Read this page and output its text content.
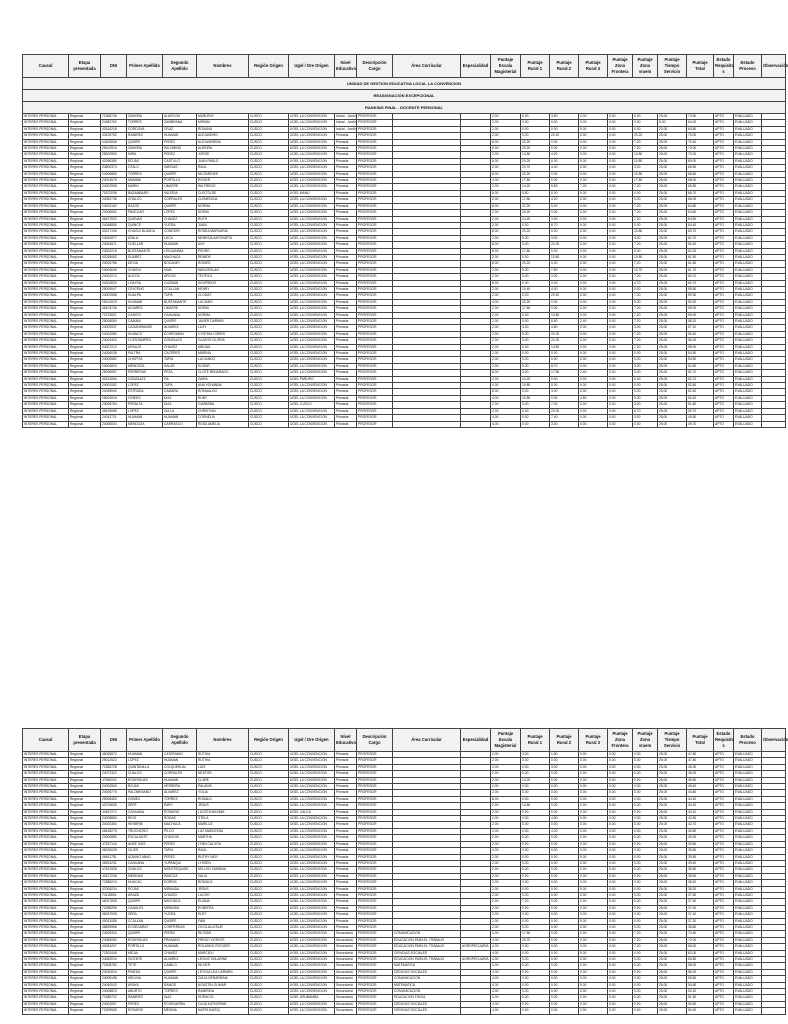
UNIDAD DE GESTION EDUCATIVA LOCAL LA CONVENCION																						
REASIGNACIÓN EXCEPCIONAL																						
RANKING FINAL - DOCENTE PERSONAL																						
Causal	Etapa presentada	DNI	Primer Apellido	Segundo Apellido	Nombres	Región Origen	Ugel / Dre Origen	Nivel Educativo	Descripción Cargo	Área Curricular	Especialidad	Puntaje Escala Magisterial	Puntaje Rural 1	Puntaje Rural 2	Puntaje Rural 3	Puntaje Zona Frontera	Puntaje Zona vraem	Puntaje Tiempo Servicio	Puntaje Total	Estado Requisito s	Estado Proceso	Observación
INTERES PERSONAL	Regional	72368746	ZAMORA	ALARCON	MARLENY	CUSCO	UGEL LA CONVENCION	Inicial - Jardín	PROFESOR			2.00	6.00	3.60	0.00	0.00	0.00	25.00	73.60	APTO	EVALUADO	
INTERES PERSONAL	Regional	24382762	TORRES	ZAMBRANA	MIRIAM	CUSCO	UGEL LA CONVENCION	Inicial - Jardín	PROFESOR			2.00	0.00	0.00	0.00	0.00	0.00	6.00	64.00	APTO	EVALUADO	
INTERES PERSONAL	Regional	42516218	CORDOVA	CRUZ	ROXANA	CUSCO	UGEL LA CONVENCION	Inicial - Jardín	PROFESOR			2.00	0.00	0.00	0.00	0.00	0.00	22.00	63.80	APTO	EVALUADO	
INTERES PERSONAL	Regional	43109752	RAMIREZ	HUAMAN	ALEJANDRO	CUSCO	UGEL LA CONVENCION	Primaria	PROFESOR			2.00	0.00	20.20	0.00	0.00	20.20	25.00	75.00	APTO	EVALUADO	
INTERES PERSONAL	Regional	44420846	QUISPE	PEREZ	ALEJANDRINA	CUSCO	UGEL LA CONVENCION	Primaria	PROFESOR			8.00	20.20	0.00	0.00	0.00	7.20	25.00	70.40	APTO	EVALUADO	
INTERES PERSONAL	Regional	25012916	ZAMORA	PALOMINO	AURORA	CUSCO	UGEL LA CONVENCION	Primaria	PROFESOR			8.00	20.20	0.00	0.00	0.00	7.20	25.00	70.00	APTO	EVALUADO	
INTERES PERSONAL	Regional	25002950	MIRA	PEREZ	JORGE	CUSCO	UGEL LA CONVENCION	Primaria	PROFESOR			2.00	14.80	4.20	0.00	0.00	10.80	25.00	70.00	APTO	EVALUADO	
INTERES PERSONAL	Regional	42096380	ROJAS	CASTILLO	JUAN PABLO	CUSCO	UGEL LA CONVENCION	Primaria	PROFESOR			8.00	20.20	0.00	0.00	0.00	10.80	25.00	69.00	APTO	EVALUADO	
INTERES PERSONAL	Regional	24800374	OTALO	VARGAS	RAUL	CUSCO	UGEL LA CONVENCION	Primaria	PROFESOR			2.00	20.70	4.40	0.00	0.00	3.00	25.00	68.80	APTO	EVALUADO	
INTERES PERSONAL	Regional	24006860	TORRES	QUISPE	NICOMEDES	CUSCO	UGEL LA CONVENCION	Primaria	PROFESOR			8.00	20.20	0.00	0.00	0.00	10.80	25.00	68.60	APTO	EVALUADO	
INTERES PERSONAL	Regional	24014578	MAMANI	PORTILLO	ROGER	CUSCO	UGEL LA CONVENCION	Primaria	PROFESOR			4.00	17.80	0.00	0.00	0.00	17.80	25.00	68.00	APTO	EVALUADO	
INTERES PERSONAL	Regional	24002908	MARIN	LIMATRE	WILFREDO	CUSCO	UGEL LA CONVENCION	Primaria	PROFESOR			2.00	14.20	5.80	7.20	0.00	7.20	25.00	65.80	APTO	EVALUADO	
INTERES PERSONAL	Regional	70372036	BAZAMBARO	VALERIA	CLEOTILDE	CUSCO	UGEL MANU	Primaria	PROFESOR			8.00	5.80	0.00	0.00	0.00	0.00	25.00	65.70	APTO	EVALUADO	
INTERES PERSONAL	Regional	24052738	CHALCO	CORRALES	CLEMENCIA	CUSCO	UGEL LA CONVENCION	Primaria	PROFESOR			2.00	17.80	4.20	0.00	0.00	0.00	25.00	65.00	APTO	EVALUADO	
INTERES PERSONAL	Regional	24002182	RAZOZ	QUISPE	NORMA	CUSCO	UGEL LA CONVENCION	Primaria	PROFESOR			8.00	22.20	5.40	0.00	0.00	7.20	25.00	64.80	APTO	EVALUADO	
INTERES PERSONAL	Regional	24006652	PANCCAR	LOPEZ	NOEMI	CUSCO	UGEL LA CONVENCION	Primaria	PROFESOR			2.00	20.20	0.00	0.00	0.00	7.20	25.00	64.60	APTO	EVALUADO	
INTERES PERSONAL	Regional	46107002	QUENAS	CHAVEZ	RUTH	CUSCO	UGEL LA CONVENCION	Primaria	PROFESOR			2.00	14.20	3.00	0.00	0.00	7.20	25.00	64.50	APTO	EVALUADO	
INTERES PERSONAL	Regional	24048850	QUINCE	YUCRA	JUAN	CUSCO	UGEL LA CONVENCION	Primaria	PROFESOR			2.00	0.00	8.70	0.00	0.00	0.00	25.00	64.40	APTO	EVALUADO	
INTERES PERSONAL	Regional	40127106	CHAGUI BLANCA	CONDORI	ROSEA MARGARIA	CUSCO	UGEL LA CONVENCION	Primaria	PROFESOR			8.00	20.20	0.00	0.00	0.00	10.80	25.00	63.70	APTO	EVALUADO	
INTERES PERSONAL	Regional	24042877	AYALA	LUCA	NEMESIA ANTONIETA	CUSCO	UGEL LA CONVENCION	Primaria	PROFESOR			2.00	0.00	3.00	0.00	0.00	4.40	25.00	62.70	APTO	EVALUADO	
INTERES PERSONAL	Regional	24054571	CUELLAR	HUAMAN	ANY	CUSCO	UGEL LA CONVENCION	Primaria	PROFESOR			8.00	0.00	20.20	0.00	0.00	7.20	25.00	62.40	APTO	EVALUADO	
INTERES PERSONAL	Regional	24002216	BUSTAMANTE	LEGUANIMA	PEDRO	CUSCO	UGEL LA CONVENCION	Primaria	PROFESOR			8.00	17.80	0.00	0.00	0.00	0.00	25.00	62.00	APTO	EVALUADO	
INTERES PERSONAL	Regional	42035082	SUAREZ	MACHACA	REMIDE	CUSCO	UGEL LA CONVENCION	Primaria	PROFESOR			2.00	0.00	10.80	0.00	0.00	10.80	25.00	61.90	APTO	EVALUADO	
INTERES PERSONAL	Regional	24000786	DEVIA	BOCANEY	ROMEO	CUSCO	UGEL LA CONVENCION	Primaria	PROFESOR			8.00	20.20	0.00	0.00	0.00	7.20	25.00	61.80	APTO	EVALUADO	
INTERES PERSONAL	Regional	24004646	CHAGUI	HWA	WENCESLAO	CUSCO	UGEL LA CONVENCION	Primaria	PROFESOR			2.00	0.00	7.80	0.00	0.00	10.70	25.00	61.70	APTO	EVALUADO	
INTERES PERSONAL	Regional	24002074	AUCCA	ARCOS	TEOFILO	CUSCO	UGEL LA CONVENCION	Primaria	PROFESOR			2.00	0.00	3.00	0.00	0.00	7.20	25.00	60.70	APTO	EVALUADO	
INTERES PERSONAL	Regional	24002830	LOAYSA	GUZMAN	SIGIFREDO	CUSCO	UGEL LA CONVENCION	Primaria	PROFESOR			8.00	0.00	0.00	0.00	0.00	4.70	25.00	60.70	APTO	EVALUADO	
INTERES PERSONAL	Regional	25009947	CENTENO	CCALLAN	HENRY	CUSCO	UGEL LA CONVENCION	Primaria	PROFESOR			2.00	10.40	4.40	0.00	0.00	0.00	25.00	59.50	APTO	EVALUADO	
INTERES PERSONAL	Regional	24002558	HUALPA	TUPA	CLODAY	CUSCO	UGEL LA CONVENCION	Primaria	PROFESOR			2.00	0.00	20.20	0.00	0.00	7.20	25.00	59.30	APTO	EVALUADO	
INTERES PERSONAL	Regional	25012019	HUAMAN	BUSTAMANTE	LUCIANO	CUSCO	UGEL LA CONVENCION	Primaria	PROFESOR			4.00	20.20	0.00	0.00	0.00	0.00	25.00	59.20	APTO	EVALUADO	
INTERES PERSONAL	Regional	46103746	ALVAREZ	LIMATRE	NOEMI	CUSCO	UGEL LA CONVENCION	Primaria	PROFESOR			2.00	17.80	0.00	0.00	0.00	7.20	25.00	59.00	APTO	EVALUADO	
INTERES PERSONAL	Regional	72370821	CANCIO	CAHUANA	NORMA	CUSCO	UGEL LA CONVENCION	Primaria	PROFESOR			2.00	0.00	10.80	0.00	0.00	7.20	25.00	59.00	APTO	EVALUADO	
INTERES PERSONAL	Regional	25008084	CAMANI	QUISPE	JAVIER DARWIN	CUSCO	UGEL LA CONVENCION	Primaria	PROFESOR			2.00	0.00	8.80	2.40	0.00	7.20	25.00	58.20	APTO	EVALUADO	
INTERES PERSONAL	Regional	24002537	CAGANIRANGE	ALVAREZ	LUZY	CUSCO	UGEL LA CONVENCION	Primaria	PROFESOR			2.00	4.40	4.80	0.00	0.00	3.00	25.00	57.10	APTO	EVALUADO	
INTERES PERSONAL	Regional	24002080	HUANCO	ECHEGARAY	CYNTHIA CORES	CUSCO	UGEL LA CONVENCION	Primaria	PROFESOR			2.00	0.00	20.20	0.00	0.00	7.20	25.00	55.40	APTO	EVALUADO	
INTERES PERSONAL	Regional	24004403	CCENTAMPEN	GONZALES	GLADYS GLORIA	CUSCO	UGEL LA CONVENCION	Primaria	PROFESOR			2.00	0.00	20.20	0.00	0.00	7.20	25.00	55.20	APTO	EVALUADO	
INTERES PERSONAL	Regional	24007212	ARAUJO	CHAVEZ	ABIGAIL	CUSCO	UGEL LA CONVENCION	Primaria	PROFESOR			2.00	0.00	14.80	0.00	0.00	7.20	25.00	55.00	APTO	EVALUADO	
INTERES PERSONAL	Regional	24006038	PALTRA	CACERES	MARINA	CUSCO	UGEL LA CONVENCION	Primaria	PROFESOR			2.00	0.00	0.00	0.00	0.00	0.00	25.00	54.50	APTO	EVALUADO	
INTERES PERSONAL	Regional	24000582	CHOPITA	TAPIA	LUCIANDO	CUSCO	UGEL LA CONVENCION	Primaria	PROFESOR			2.00	0.00	0.00	0.00	0.00	0.00	25.00	54.50	APTO	EVALUADO	
INTERES PERSONAL	Regional	24004803	MENDOZA	SALAS	ELISAR	CUSCO	UGEL LA CONVENCION	Primaria	PROFESOR			2.00	0.00	8.70	0.00	0.00	3.00	25.00	52.80	APTO	EVALUADO	
INTERES PERSONAL	Regional	25006057	PERRERAS	PEZA	CLOTE BENARADO	CUSCO	UGEL LA CONVENCION	Primaria	PROFESOR			8.00	3.00	17.80	2.40	0.00	0.00	25.00	52.70	APTO	EVALUADO	
INTERES PERSONAL	Regional	40313084	GONZALEZ	GIL	ZAIRA	CUSCO	UGEL PARURO	Primaria	PROFESOR			2.00	14.20	0.00	0.00	0.00	0.00	25.00	52.70	APTO	EVALUADO	
INTERES PERSONAL	Regional	24002082	LOPEZ	TUPA	ANA YOHANNA	CUSCO	UGEL LA CONVENCION	Primaria	PROFESOR			4.00	10.80	0.00	0.00	0.00	0.00	25.00	52.60	APTO	EVALUADO	
INTERES PERSONAL	Regional	24045545	ESTRADA	CAMARA	ROMUALDO	CUSCO	UGEL LA CONVENCION	Primaria	PROFESOR			8.00	0.00	3.00	0.00	0.00	0.00	25.00	52.40	APTO	EVALUADO	
INTERES PERSONAL	Regional	25003016	OVIEDO	DIAZ	RUBY	CUSCO	UGEL LA CONVENCION	Primaria	PROFESOR			4.00	10.80	0.00	4.80	0.00	0.00	25.00	52.40	APTO	EVALUADO	
INTERES PERSONAL	Regional	23008784	PERALTA	DIAZ	GIARMINA	CUSCO	UGEL CUSCO	Primaria	PROFESOR			2.00	0.00	7.40	0.00	0.00	3.00	25.00	51.80	APTO	EVALUADO	
INTERES PERSONAL	Regional	46105088	LOPEZ	ZULLA	CHRISTIAN	CUSCO	UGEL LA CONVENCION	Primaria	PROFESOR			2.00	0.00	20.00	0.00	0.00	6.70	25.00	50.70	APTO	EVALUADO	
INTERES PERSONAL	Regional	24042721	HUAMAN	HUAMAN	CORNELIA	CUSCO	UGEL LA CONVENCION	Primaria	PROFESOR			4.00	0.00	7.40	0.00	0.00	3.00	25.00	49.80	APTO	EVALUADO	
INTERES PERSONAL	Regional	24006004	MENDOZA	CARRASCO	ROSA AMELIA	CUSCO	UGEL LA CONVENCION	Primaria	PROFESOR			4.00	0.00	3.00	0.00	0.00	0.00	25.00	49.70	APTO	EVALUADO	
Causal	Etapa presentada	DNI	Primer Apellido	Segundo Apellido	Nombres	Región Origen	Ugel / Dre Origen	Nivel Educativo	Descripción Cargo	Área Curricular	Especialidad	Puntaje Escala Magisterial	Puntaje Rural 1	Puntaje Rural 2	Puntaje Rural 3	Puntaje Zona Frontera	Puntaje Zona vraem	Puntaje Tiempo Servicio	Puntaje Total	Estado Requisito s	Estado Proceso	Observación
INTERES PERSONAL	Regional	46025872	HUAMAN	CATERIANO	RUTHIA	CUSCO	UGEL LA CONVENCION	Primaria	PROFESOR			2.00	3.00	1.80	0.00	0.00	0.00	25.00	47.80	APTO	EVALUADO	
INTERES PERSONAL	Regional	25012522	LOPEZ	HUAMAN	RUTHIA	CUSCO	UGEL LA CONVENCION	Primaria	PROFESOR			2.00	0.00	0.00	0.00	0.00	0.00	25.00	47.80	APTO	EVALUADO	
INTERES PERSONAL	Regional	72385728	QUINTANILLA	COLQUEHUAI	LUIS	CUSCO	UGEL LA CONVENCION	Primaria	PROFESOR			2.00	0.00	3.00	0.00	0.00	0.00	25.00	46.30	APTO	EVALUADO	
INTERES PERSONAL	Regional	24072322	CHALCO	CORRALES	NESTOR	CUSCO	UGEL LA CONVENCION	Primaria	PROFESOR			2.00	0.00	0.00	0.00	0.00	0.00	25.00	46.00	APTO	EVALUADO	
INTERES PERSONAL	Regional	47950002	RODRIGUEZ	HUAMAN	CLARE	CUSCO	UGEL LA CONVENCION	Primaria	PROFESOR			2.00	14.20	0.00	0.00	0.00	0.00	25.00	45.80	APTO	EVALUADO	
INTERES PERSONAL	Regional	24002560	ROJAS	HERRERA	PALANIS	CUSCO	UGEL LA CONVENCION	Primaria	PROFESOR			2.00	0.00	0.00	0.00	0.00	0.00	25.00	45.40	APTO	EVALUADO	
INTERES PERSONAL	Regional	24005776	PALOMINIANO	ALVAREZ	YOLIA	CUSCO	UGEL LA CONVENCION	Primaria	PROFESOR			2.00	0.00	0.00	0.00	0.00	0.00	25.00	44.80	APTO	EVALUADO	
INTERES PERSONAL	Regional	25008463	GOMEZ	TORRES	RONALD	CUSCO	UGEL LA CONVENCION	Primaria	PROFESOR			8.00	0.00	0.00	0.00	0.00	0.00	25.00	44.40	APTO	EVALUADO	
INTERES PERSONAL	Regional	42704635	ZEPE	PARY	JESUS	CUSCO	UGEL LA CONVENCION	Primaria	PROFESOR			2.00	14.80	0.00	0.00	0.00	0.00	25.00	44.20	APTO	EVALUADO	
INTERES PERSONAL	Regional	44467272	CAHUANA	ROSARIO	LUCETA MAXIMA	CUSCO	UGEL CALCA	Primaria	PROFESOR			2.00	0.00	0.00	0.00	0.00	0.00	25.00	43.10	APTO	EVALUADO	
INTERES PERSONAL	Regional	24005850	RIOS	RODAS	STELA	CUSCO	UGEL LA CONVENCION	Primaria	PROFESOR			2.00	0.00	4.80	0.00	0.00	0.00	25.00	42.80	APTO	EVALUADO	
INTERES PERSONAL	Regional	24020384	HENRRIE	MACHACA	MARILUZ	CUSCO	UGEL LA CONVENCION	Primaria	PROFESOR			2.00	0.00	0.00	0.00	0.00	0.00	25.00	42.70	APTO	EVALUADO	
INTERES PERSONAL	Regional	46618275	TRUCHIOSO	PILCO	LUZ MARLESSA	CUSCO	UGEL LA CONVENCION	Primaria	PROFESOR			2.00	0.00	4.20	0.00	0.00	0.00	25.00	40.80	APTO	EVALUADO	
INTERES PERSONAL	Regional	24000880	ESCALANTE	CHACHIS	MARTHA	CUSCO	UGEL LA CONVENCION	Primaria	PROFESOR			2.00	0.00	0.00	0.00	0.00	0.00	25.00	40.00	APTO	EVALUADO	
INTERES PERSONAL	Regional	47537144	ANZE SIUS	PEREZ	LYNN CALIXTA	CUSCO	UGEL LA CONVENCION	Primaria	PROFESOR			2.00	0.00	0.00	0.00	0.00	0.00	25.00	39.80	APTO	EVALUADO	
INTERES PERSONAL	Regional	46025028	CIUSS	TAPIA	RAUL	CUSCO	UGEL LA CONVENCION	Primaria	PROFESOR			4.00	0.00	0.00	0.00	0.00	0.00	25.00	39.60	APTO	EVALUADO	
INTERES PERSONAL	Regional	46461751	AQUINO ABAD	PEREZ	RUTHY NIDY	CUSCO	UGEL LA CONVENCION	Primaria	PROFESOR			2.00	0.00	0.00	0.00	0.00	0.00	25.00	39.50	APTO	EVALUADO	
INTERES PERSONAL	Regional	46524231	CAHUANA	YUPANQUI	LYSSEN	CUSCO	UGEL LA CONVENCION	Primaria	PROFESOR			2.00	0.00	0.00	0.00	0.00	0.00	25.00	39.40	APTO	EVALUADO	
INTERES PERSONAL	Regional	47521928	CHALCO	MONTESQUIDE	KELLEN YANNINA	CUSCO	UGEL LA CONVENCION	Primaria	PROFESOR			2.00	0.00	0.00	0.00	0.00	0.00	25.00	38.80	APTO	EVALUADO	
INTERES PERSONAL	Regional	40107245	MEDINAS	PANCCA	VALIA	CUSCO	UGEL LA CONVENCION	Primaria	PROFESOR			2.00	0.00	0.00	0.00	0.00	0.00	25.00	38.60	APTO	EVALUADO	
INTERES PERSONAL	Regional	72385213	HUACAC	DORISS	ROMULO	CUSCO	UGEL LA CONVENCION	Primaria	PROFESOR			2.00	0.00	0.00	0.00	0.00	0.00	25.00	38.40	APTO	EVALUADO	
INTERES PERSONAL	Regional	47005234	ROJAS	MIRANDA	JESUS	CUSCO	UGEL LA CONVENCION	Primaria	PROFESOR			2.00	0.00	0.00	0.00	0.00	0.00	25.00	38.20	APTO	EVALUADO	
INTERES PERSONAL	Regional	74118804	ARAZA	CHAGDI	LUCHO	CUSCO	UGEL LA CONVENCION	Primaria	PROFESOR			2.00	0.00	0.00	0.00	0.00	0.00	25.00	37.80	APTO	EVALUADO	
INTERES PERSONAL	Regional	46027808	QUISPE	MACHACA	ELIANA	CUSCO	UGEL LA CONVENCION	Primaria	PROFESOR			2.00	7.20	0.00	0.00	0.00	0.00	25.00	37.60	APTO	EVALUADO	
INTERES PERSONAL	Regional	72098295	CANALES	MIRANDA	ROBERTA	CUSCO	UGEL LA CONVENCION	Primaria	PROFESOR			2.00	0.00	0.00	0.00	0.00	0.00	25.00	37.40	APTO	EVALUADO	
INTERES PERSONAL	Regional	46037006	ZERA	YUCRA	ELEY	CUSCO	UGEL LA CONVENCION	Primaria	PROFESOR			2.00	0.00	0.00	0.00	0.00	0.00	25.00	37.40	APTO	EVALUADO	
INTERES PERSONAL	Regional	40031085	CCALLAN	QUISPE	FANI	CUSCO	UGEL LA CONVENCION	Primaria	PROFESOR			2.00	0.00	0.00	0.00	0.00	0.00	25.00	37.20	APTO	EVALUADO	
INTERES PERSONAL	Regional	46825968	ECHEGARAY	CORPEREAS	CECILIA LESLIE	CUSCO	UGEL LA CONVENCION	Primaria	PROFESOR			2.00	0.00	0.00	0.00	0.00	0.00	25.00	36.80	APTO	EVALUADO	
INTERES PERSONAL	Regional	24005334	QUISPE	PEREZ	RICSIDE	CUSCO	UGEL LA CONVENCION	Secundaria	PROFESOR	COMUNICACION		4.00	17.80	0.00	0.00	0.00	7.20	25.00	74.40	APTO	EVALUADO	
INTERES PERSONAL	Regional	24085083	RODRIGUEZ	FRANADO	FREDO VICENTE	CUSCO	UGEL LA CONVENCION	Secundaria	PROFESOR	EDUCACION PARA EL TRABAJO		4.00	20.70	0.00	0.00	0.00	7.20	25.00	72.00	APTO	EVALUADO	
INTERES PERSONAL	Regional	40054207	PORTILLO	HUAMAN	ROLANDO ROGGER	CUSCO	UGEL LA CONVENCION	Secundaria	PROFESOR	EDUCACION PARA EL TRABAJO	AGROPECUARIA	4.00	0.00	0.00	0.00	0.00	7.20	25.00	66.00	APTO	EVALUADO	
INTERES PERSONAL	Regional	72302446	MEJIA	CHAVEZ	MARCIELI	CUSCO	UGEL LA CONVENCION	Secundaria	PROFESOR	CIENCIAS SOCIALES		4.00	0.00	0.00	0.00	0.00	0.00	25.00	62.00	APTO	EVALUADO	
INTERES PERSONAL	Regional	24082034	VICENTE	ALVAREZ	LEVIUS SOLARINE	CUSCO	UGEL LA CONVENCION	Secundaria	PROFESOR	EDUCACION PARA EL TRABAJO	AGROPECUARIA	4.00	0.00	0.00	0.00	0.00	0.00	25.00	60.80	APTO	EVALUADO	
INTERES PERSONAL	Regional	72308783	TETE	CAMILO	HILDER	CUSCO	UGEL LA CONVENCION	Secundaria	PROFESOR	MATEMATICA		4.00	0.00	0.00	0.00	0.00	0.00	25.00	58.00	APTO	EVALUADO	
INTERES PERSONAL	Regional	24010004	PINEDA	QUISPE	LETICIA LEA CARMEN	CUSCO	UGEL LA CONVENCION	Secundaria	PROFESOR	CIENCIAS SOCIALES		4.00	0.00	0.00	0.00	0.00	0.00	25.00	56.20	APTO	EVALUADO	
INTERES PERSONAL	Regional	24005158	HIELINA	HUAMAN	ZULIA GERARDINA	CUSCO	UGEL LA CONVENCION	Secundaria	PROFESOR	COMUNICACION		4.00	0.00	0.00	0.00	0.00	0.00	25.00	55.80	APTO	EVALUADO	
INTERES PERSONAL	Regional	24040043	ARAYA	RAMOS	AGUSTIN OLIMAR	CUSCO	UGEL LA CONVENCION	Secundaria	PROFESOR	MATEMATICA		4.00	0.00	0.00	0.00	0.00	0.00	25.00	54.60	APTO	EVALUADO	
INTERES PERSONAL	Regional	24008823	ABURTO	TORRES	RAMIRIDA	CUSCO	UGEL LA CONVENCION	Secundaria	PROFESOR	COMUNICACION		4.00	0.00	0.00	0.00	0.00	0.00	25.00	52.40	APTO	EVALUADO	
INTERES PERSONAL	Regional	72385722	RAMIREZ	DIAZ	HORACIO	CUSCO	UGEL URUBAMBA	Secundaria	PROFESOR	EDUCACION FISICA		4.00	0.00	0.00	0.00	0.00	0.00	25.00	51.60	APTO	EVALUADO	
INTERES PERSONAL	Regional	24002597	PEREZ	ECHEVARRIA	OLGA KATHERINE	CUSCO	UGEL LA CONVENCION	Secundaria	PROFESOR	CIENCIAS SOCIALES		4.00	0.00	0.00	0.00	0.00	0.00	25.00	50.80	APTO	EVALUADO	
INTERES PERSONAL	Regional	72309928	ROSARIO	MEDINA	NAPOLINATIQ	CUSCO	UGEL LA CONVENCION	Secundaria	PROFESOR	CIENCIAS SOCIALES		4.00	0.00	0.00	0.00	0.00	0.00	25.00	50.40	APTO	EVALUADO	
